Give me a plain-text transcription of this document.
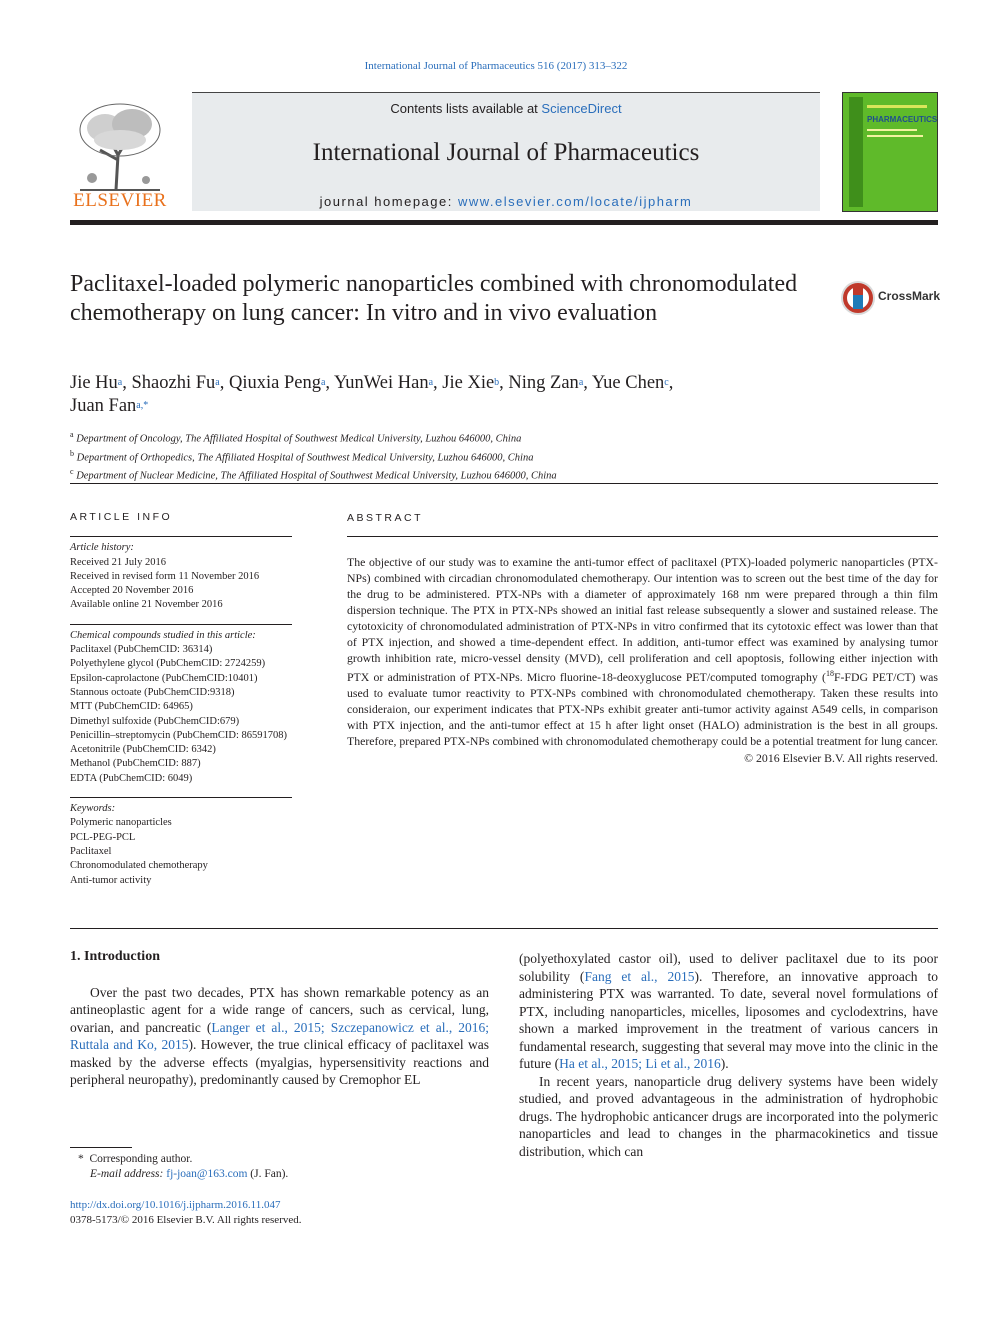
International Journal of Pharmaceutics 516 (2017) 313–322
ELSEVIER
Contents lists available at ScienceDirect
International Journal of Pharmaceutics
journal homepage: www.elsevier.com/locate/ijpharm
PHARMACEUTICS
Paclitaxel-loaded polymeric nanoparticles combined with chronomodulated chemotherapy on lung cancer: In vitro and in vivo evaluation
CrossMark
Jie Hu$^a$, Shaozhi Fu$^a$, Qiuxia Peng$^a$, YunWei Han$^a$, Jie Xie$^b$, Ning Zan$^a$, Yue Chen$^c$,
Juan Fan$^{a,*}$
$^a$ Department of Oncology, The Affiliated Hospital of Southwest Medical University, Luzhou 646000, China
$^b$ Department of Orthopedics, The Affiliated Hospital of Southwest Medical University, Luzhou 646000, China
$^c$ Department of Nuclear Medicine, The Affiliated Hospital of Southwest Medical University, Luzhou 646000, China
ARTICLE INFO
Article history:
Received 21 July 2016
Received in revised form 11 November 2016
Accepted 20 November 2016
Available online 21 November 2016
Chemical compounds studied in this article:
Paclitaxel (PubChemCID: 36314)
Polyethylene glycol (PubChemCID: 2724259)
Epsilon-caprolactone (PubChemCID:10401)
Stannous octoate (PubChemCID:9318)
MTT (PubChemCID: 64965)
Dimethyl sulfoxide (PubChemCID:679)
Penicillin–streptomycin (PubChemCID: 86591708)
Acetonitrile (PubChemCID: 6342)
Methanol (PubChemCID: 887)
EDTA (PubChemCID: 6049)
Keywords:
Polymeric nanoparticles
PCL-PEG-PCL
Paclitaxel
Chronomodulated chemotherapy
Anti-tumor activity
ABSTRACT
The objective of our study was to examine the anti-tumor effect of paclitaxel (PTX)-loaded polymeric nanoparticles (PTX-NPs) combined with circadian chronomodulated chemotherapy. Our intention was to screen out the best time of the day for the drug to be administered. PTX-NPs with a diameter of approximately 168 nm were prepared through a thin film dispersion technique. The PTX in PTX-NPs showed an initial fast release subsequently a slower and sustained release. The cytotoxicity of chronomodulated administration of PTX-NPs in vitro confirmed that its cytotoxic effect was lower than that of PTX injection, and showed a time-dependent effect. In addition, anti-tumor effect was examined by analysing tumor growth inhibition rate, micro-vessel density (MVD), cell proliferation and cell apoptosis, following either injection with PTX or administration of PTX-NPs. Micro fluorine-18-deoxyglucose PET/computed tomography ($^{18}$F-FDG PET/CT) was used to evaluate tumor reactivity to PTX-NPs combined with chronomodulated chemotherapy. Taken these results into consideraion, our experiment indicates that PTX-NPs exhibit greater anti-tumor activity against A549 cells, in comparison with PTX injection, and the anti-tumor effect at 15 h after light onset (HALO) administration is the best in all groups. Therefore, prepared PTX-NPs combined with chronomodulated chemotherapy could be a potential treatment for lung cancer.
© 2016 Elsevier B.V. All rights reserved.

1. Introduction

Over the past two decades, PTX has shown remarkable potency as an antineoplastic agent for a wide range of cancers, such as cervical, lung, ovarian, and pancreatic (Langer et al., 2015; Szczepanowicz et al., 2016; Ruttala and Ko, 2015). However, the true clinical efficacy of paclitaxel was masked by the adverse effects (myalgias, hypersensitivity reactions and peripheral neuropathy), predominantly caused by Cremophor EL

(polyethoxylated castor oil), used to deliver paclitaxel due to its poor solubility (Fang et al., 2015). Therefore, an innovative approach to administering PTX was warranted. To date, several novel formulations of PTX, including nanoparticles, micelles, liposomes and cyclodextrins, have shown a marked improvement in the treatment of various cancers in fundamental research, suggesting that several may move into the clinic in the future (Ha et al., 2015; Li et al., 2016).

In recent years, nanoparticle drug delivery systems have been widely studied, and proved advantageous in the administration of hydrophobic drugs. The hydrophobic anticancer drugs are incorporated into the polymeric nanoparticles and lead to changes in the pharmacokinetics and tissue distribution, which can

* Corresponding author.
E-mail address: fj-joan@163.com (J. Fan).
http://dx.doi.org/10.1016/j.ijpharm.2016.11.047
0378-5173/© 2016 Elsevier B.V. All rights reserved.
